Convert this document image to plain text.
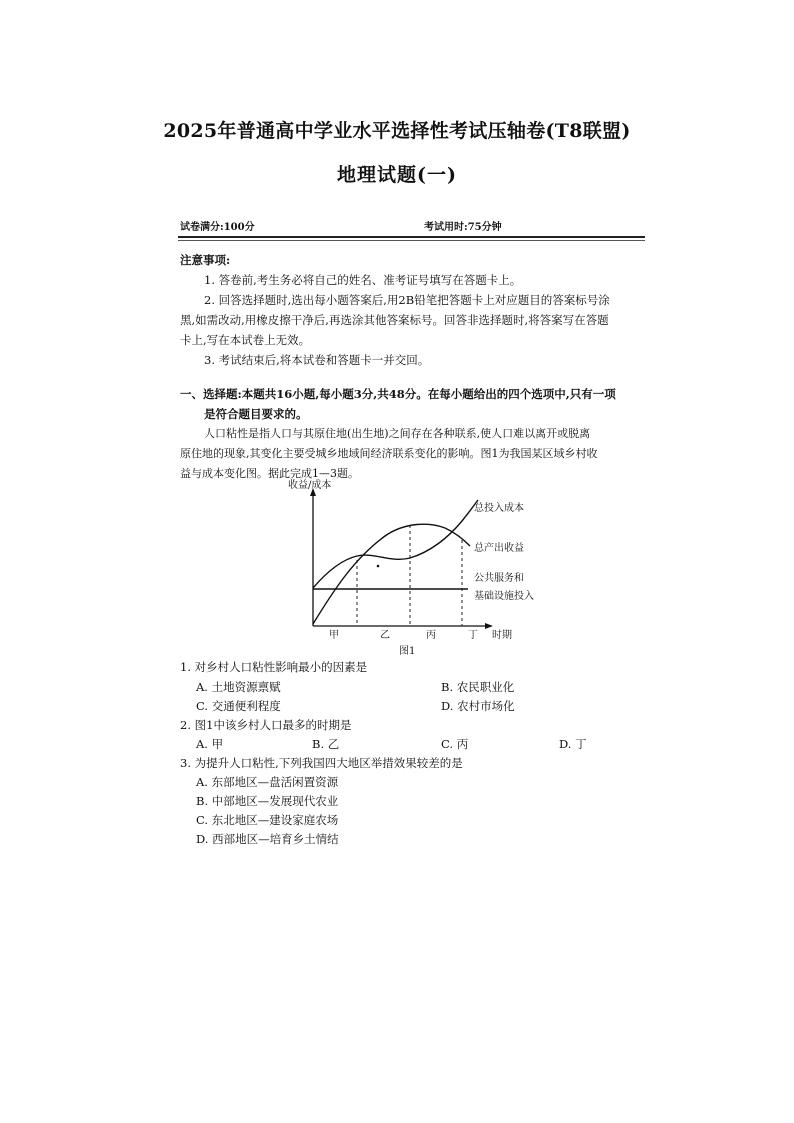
2025年普通高中学业水平选择性考试压轴卷(T8联盟)
地理试题(一)
试卷满分:100分	考试用时:75分钟
注意事项:
1. 答卷前,考生务必将自己的姓名、准考证号填写在答题卡上。
2. 回答选择题时,选出每小题答案后,用2B铅笔把答题卡上对应题目的答案标号涂
黑,如需改动,用橡皮擦干净后,再选涂其他答案标号。回答非选择题时,将答案写在答题
卡上,写在本试卷上无效。
3. 考试结束后,将本试卷和答题卡一并交回。
一、选择题:本题共16小题,每小题3分,共48分。在每小题给出的四个选项中,只有一项
是符合题目要求的。
人口粘性是指人口与其原住地(出生地)之间存在各种联系,使人口难以离开或脱离
原住地的现象,其变化主要受城乡地域间经济联系变化的影响。图1为我国某区域乡村收
益与成本变化图。据此完成1—3题。
收益/成本
总投入成本
总产出收益
公共服务和
基础设施投入
甲	乙	丙	丁 时期
图1
1. 对乡村人口粘性影响最小的因素是
A. 土地资源禀赋	B. 农民职业化
C. 交通便利程度	D. 农村市场化
2. 图1中该乡村人口最多的时期是
A. 甲	B. 乙	C. 丙	D. 丁
3. 为提升人口粘性,下列我国四大地区举措效果较差的是
A. 东部地区—盘活闲置资源
B. 中部地区—发展现代农业
C. 东北地区—建设家庭农场
D. 西部地区—培育乡土情结
